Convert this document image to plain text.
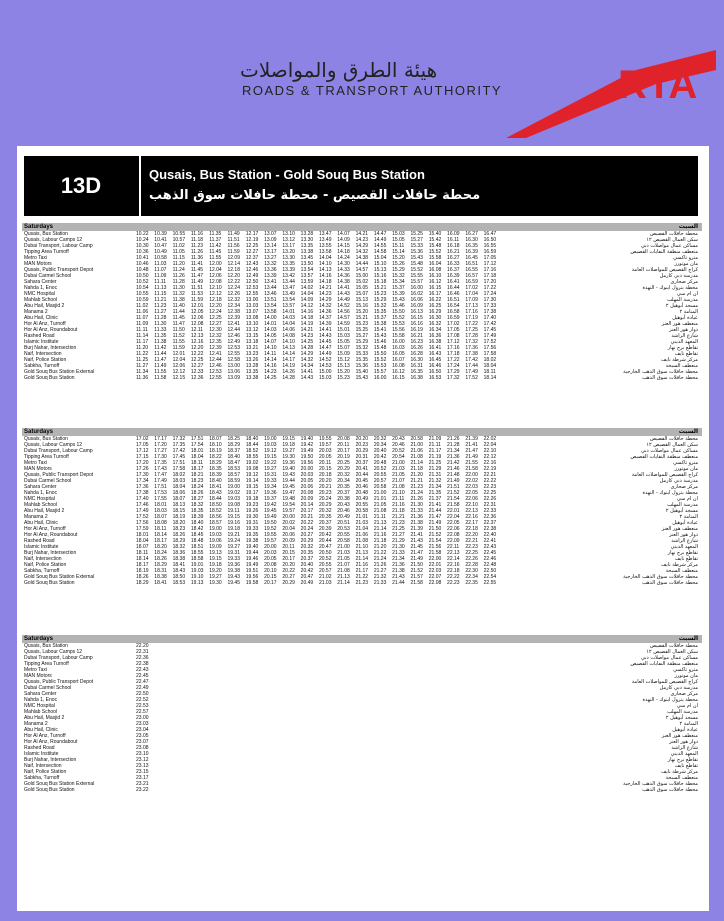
هيئة الطرق والمواصلات
ROADS & TRANSPORT AUTHORITY	RTA
13D	Qusais, Bus Station - Gold Souq Bus Station
محطة حافلات القصيص - محطة حافلات سوق الذهب
Saturdays	السبت
Qusais, Bus Station	10.22	10.39	10.55	11.16	11.35	11.49	12.17	13.07	13.10	13.28	13.47	14.07	14.21	14.47	15.03	15.25	15.40	16.09	16.27	16.47	محطة حافلات القصيص
Qusais, Labour Camps 12	10.24	10.41	10.57	11.18	11.37	11.51	12.19	13.09	13.12	13.30	13.49	14.09	14.23	14.49	15.05	15.27	15.42	16.11	16.30	16.50	سكن العمال القصيص ١٢
Dubai Transport, Labour Camp	10.30	10.47	11.02	11.23	11.42	11.56	12.25	13.14	13.17	13.35	13.55	14.15	14.29	14.55	15.11	15.33	15.48	16.18	16.35	16.55	مساكن عمال مواصلات دبي
Tipping Area Turnoff	10.36	10.49	11.05	11.26	11.45	11.59	12.27	13.17	13.20	13.38	13.58	14.18	14.32	14.58	15.14	15.36	15.52	16.21	16.39	16.59	منعطف منطقة النفايات القصيص
Metro Taxi	10.41	10.58	11.15	11.36	11.55	12.09	12.37	13.27	13.30	13.45	14.04	14.24	14.38	15.04	15.20	15.43	15.58	16.27	16.45	17.05	مترو تاكسي
MAN Motors	10.46	11.03	11.20	11.41	12.00	12.14	12.43	13.32	13.35	13.50	14.10	14.30	14.44	15.10	15.26	15.48	16.04	16.33	16.51	17.12	مان موتورز
Qusais, Public Transport Depot	10.48	11.07	11.24	11.45	12.04	12.18	12.46	13.36	13.39	13.54	14.13	14.33	14.57	15.13	15.29	15.52	16.08	16.37	16.55	17.16	كراج القصيص للمواصلات العامة
Dubai Carmel School	10.50	11.09	11.26	11.47	12.06	12.20	12.49	13.39	13.42	13.57	14.16	14.36	15.00	15.16	15.32	15.55	16.10	16.39	16.57	17.18	مدرسة دبي كارمل
Sahara Center	10.52	11.11	11.28	11.49	12.08	12.22	12.50	13.41	13.44	13.59	14.18	14.38	15.02	15.18	15.34	15.57	16.12	16.41	16.59	17.20	مركز صحارى
Nahda 1, Enoc	10.54	11.13	11.30	11.51	12.10	12.24	12.53	13.44	13.47	14.02	14.21	14.41	15.05	15.21	15.37	16.00	16.15	16.44	17.02	17.22	محطة بترول اينوك - النهدة
NMC Hospital	10.55	11.15	11.32	11.53	12.12	12.26	12.55	13.46	13.49	14.04	14.23	14.43	15.07	15.23	15.39	16.02	16.17	16.46	17.04	17.24	ان ام سي
Mahlab School	10.59	11.21	11.38	11.59	12.18	12.32	13.00	13.51	13.54	14.09	14.29	14.49	15.13	15.29	15.43	16.06	16.22	16.51	17.09	17.30	مدرسة المهلب
Abu Hail, Masjid 2	11.02	11.23	11.40	12.01	12.20	12.34	13.03	13.54	13.57	14.12	14.32	14.52	15.16	15.32	15.46	16.09	16.25	16.54	17.13	17.33	مسجد أبوهيل ٢
Manama 2	11.06	11.27	11.44	12.05	12.24	12.38	13.07	13.58	14.01	14.16	14.36	14.56	15.20	15.35	15.50	16.13	16.29	16.58	17.16	17.38	المنامة ٢
Abu Hail, Clinic	11.07	11.28	11.45	12.06	12.25	12.39	13.08	14.00	14.03	14.18	14.37	14.57	15.21	15.37	15.52	16.15	16.30	16.59	17.19	17.40	عيادة أبوهيل
Hor Al Anz, Turnoff	11.09	11.30	11.47	12.08	12.27	12.41	13.10	14.01	14.04	14.19	14.39	14.59	15.23	15.38	15.53	16.16	16.32	17.02	17.22	17.42	منعطف هور العنز
Hor Al Anz, Roundabout	11.11	11.33	11.50	12.11	12.30	12.44	13.12	14.03	14.06	14.21	14.41	15.01	15.25	15.41	15.56	16.19	16.34	17.05	17.25	17.45	دوار هور العنز
Rashed Road	11.14	11.35	11.52	12.13	12.32	12.46	13.15	14.05	14.08	14.23	14.43	15.03	15.27	15.43	15.58	16.21	16.36	17.08	17.28	17.49	شارع الراشد
Islamic Institute	11.17	11.38	11.55	12.16	12.35	12.49	13.18	14.07	14.10	14.25	14.45	15.05	15.29	15.46	16.00	16.23	16.38	17.12	17.32	17.52	المعهد الديني
Burj Nahar, Intersection	11.20	11.42	11.59	12.20	12.39	12.53	13.21	14.10	14.13	14.28	14.47	15.07	15.32	15.48	16.03	16.26	16.41	17.16	17.36	17.56	تقاطع برج نهار
Naif, Intersection	11.22	11.44	12.01	12.22	12.41	12.55	13.23	14.11	14.14	14.29	14.49	15.09	15.33	15.50	16.05	16.28	16.43	17.18	17.38	17.58	تقاطع نايف
Naif, Police Station	11.25	11.47	12.04	12.25	12.44	12.58	13.26	14.14	14.17	14.32	14.52	15.12	15.35	15.52	16.07	16.30	16.45	17.22	17.42	18.02	مركز شرطة نايف
Sabkha, Turnoff	11.27	11.49	12.06	12.27	12.46	13.00	13.28	14.16	14.19	14.34	14.53	15.13	15.36	15.53	16.08	16.31	16.46	17.24	17.44	18.04	منعطف السبخة
Gold Souq Bus Station External	11.34	11.55	12.12	12.33	12.53	13.06	13.35	14.23	14.26	14.41	15.00	15.20	15.40	15.57	16.12	16.35	16.50	17.29	17.49	18.11	محطة حافلات سوق الذهب الخارجية
Gold Souq Bus Station	11.36	11.58	12.15	12.36	12.55	13.09	13.38	14.25	14.28	14.43	15.03	15.23	15.43	16.00	16.15	16.38	16.53	17.32	17.52	18.14	محطة حافلات سوق الذهب
Saturdays	السبت
Qusais, Bus Station	17.02	17.17	17.32	17.51	18.07	18.25	18.40	19.00	19.15	19.40	19.55	20.08	20.20	20.32	20.43	20.58	21.09	21.26	21.39	22.02	محطة حافلات القصيص
Qusais, Labour Camps 12	17.05	17.20	17.35	17.54	18.10	18.29	18.44	19.03	19.18	19.42	19.57	20.11	20.23	20.34	20.46	21.00	21.11	21.28	21.41	22.04	سكن العمال القصيص ١٢
Dubai Transport, Labour Camp	17.12	17.27	17.42	18.01	18.19	18.37	18.52	19.12	19.27	19.49	20.03	20.17	20.29	20.40	20.52	21.06	21.17	21.34	21.47	22.10	مساكن عمال مواصلات دبي
Tipping Area Turnoff	17.15	17.30	17.45	18.04	18.22	18.40	18.55	19.15	19.30	19.50	20.05	20.19	20.31	20.42	20.54	21.08	21.19	21.36	21.49	22.12	منعطف منطقة النفايات القصيص
Metro Taxi	17.20	17.35	17.51	18.11	18.29	18.47	19.02	19.22	19.36	19.56	20.11	20.25	20.37	20.48	21.00	21.14	21.25	21.42	21.55	22.16	مترو تاكسي
MAN Motors	17.26	17.43	17.58	18.17	18.35	18.53	19.08	19.27	19.40	20.00	20.15	20.29	20.41	20.52	21.03	21.18	21.29	21.46	21.58	22.19	مان موتورز
Qusais, Public Transport Depot	17.30	17.47	18.02	18.21	18.39	18.57	19.12	19.31	19.43	20.03	20.18	20.32	20.44	20.55	21.05	21.20	21.31	21.48	22.00	22.21	كراج القصيص للمواصلات العامة
Dubai Carmel School	17.34	17.49	18.03	18.23	18.40	18.59	19.14	19.33	19.44	20.05	20.20	20.34	20.45	20.57	21.07	21.21	21.32	21.49	22.02	22.22	مدرسة دبي كارمل
Sahara Center	17.36	17.51	18.04	18.24	18.41	19.00	19.15	19.34	19.45	20.06	20.21	20.35	20.46	20.58	21.08	21.23	21.34	21.51	22.03	22.23	مركز صحارى
Nahda 1, Enoc	17.38	17.53	18.06	18.26	18.43	19.02	19.17	19.36	19.47	20.08	20.23	20.37	20.48	21.00	21.10	21.24	21.35	21.52	22.05	22.25	محطة بترول اينوك - النهدة
NMC Hospital	17.40	17.55	18.07	18.27	18.44	19.03	19.18	19.37	19.48	20.09	20.24	20.38	20.49	21.01	21.11	21.26	21.37	21.54	22.06	22.26	ان ام سي
Mahlab School	17.46	18.01	18.13	18.32	18.50	19.08	19.23	19.42	19.54	20.14	20.29	20.43	20.55	21.05	21.16	21.30	21.41	21.58	22.10	22.31	مدرسة المهلب
Abu Hail, Masjid 2	17.49	18.03	18.15	18.35	18.52	19.11	19.26	19.45	19.57	20.17	20.32	20.46	20.58	21.08	21.18	21.33	21.44	22.01	22.13	22.33	مسجد أبوهيل ٢
Manama 2	17.52	18.07	18.19	18.39	18.56	19.15	19.30	19.49	20.00	20.21	20.35	20.49	21.01	21.11	21.21	21.36	21.47	22.04	22.16	22.36	المنامة ٢
Abu Hail, Clinic	17.56	18.08	18.20	18.40	18.57	19.16	19.31	19.50	20.02	20.22	20.37	20.51	21.03	21.13	21.23	21.38	21.49	22.05	22.17	22.37	عيادة أبوهيل
Hor Al Anz, Turnoff	17.59	18.11	18.23	18.42	19.00	19.18	19.33	19.52	20.04	20.24	20.39	20.53	21.04	21.14	21.25	21.39	21.50	22.06	22.18	22.38	منعطف هور العنز
Hor Al Anz, Roundabout	18.01	18.14	18.26	18.45	19.03	19.21	19.35	19.55	20.06	20.27	20.42	20.55	21.06	21.16	21.27	21.41	21.52	22.08	22.20	22.40	دوار هور العنز
Rashed Road	18.04	18.17	18.29	18.48	19.06	19.24	19.38	19.57	20.09	20.29	20.44	20.58	21.08	21.18	21.29	21.43	21.54	22.09	22.21	22.41	شارع الراشد
Islamic Institute	18.07	18.20	18.32	18.51	19.09	19.27	19.40	20.00	20.11	20.32	20.47	21.00	21.10	21.20	21.30	21.45	21.56	22.11	22.23	22.43	المعهد الديني
Burj Nahar, Intersection	18.11	18.24	18.36	18.55	19.13	19.31	19.44	20.03	20.15	20.35	20.50	21.03	21.13	21.22	21.33	21.47	21.58	22.13	22.25	22.45	تقاطع برج نهار
Naif, Intersection	18.14	18.26	18.38	18.58	19.15	19.33	19.46	20.05	20.17	20.37	20.52	21.05	21.14	21.24	21.34	21.49	22.00	22.14	22.26	22.46	تقاطع نايف
Naif, Police Station	18.17	18.29	18.41	19.01	19.18	19.36	19.49	20.08	20.20	20.40	20.55	21.07	21.16	21.26	21.36	21.50	22.01	22.16	22.28	22.48	مركز شرطة نايف
Sabkha, Turnoff	18.19	18.31	18.43	19.03	19.20	19.38	19.51	20.10	20.22	20.42	20.57	21.08	21.17	21.27	21.38	21.52	22.03	22.18	22.30	22.50	منعطف السبخة
Gold Souq Bus Station External	18.26	18.38	18.50	19.10	19.27	19.43	19.56	20.15	20.27	20.47	21.02	21.13	21.22	21.32	21.43	21.57	22.07	22.22	22.34	22.54	محطة حافلات سوق الذهب الخارجية
Gold Souq Bus Station	18.29	18.41	18.53	19.13	19.30	19.45	19.58	20.17	20.29	20.49	21.03	21.14	21.23	21.33	21.44	21.58	22.08	22.23	22.35	22.55	محطة حافلات سوق الذهب
Saturdays	السبت
Qusais, Bus Station	22.20	محطة حافلات القصيص
Qusais, Labour Camps 12	22.31	سكن العمال القصيص ١٢
Dubai Transport, Labour Camp	22.36	مساكن عمال مواصلات دبي
Tipping Area Turnoff	22.38	منعطف منطقة النفايات القصيص
Metro Taxi	22.43	مترو تاكسي
MAN Motors	22.45	مان موتورز
Qusais, Public Transport Depot	22.47	كراج القصيص للمواصلات العامة
Dubai Carmel School	22.49	مدرسة دبي كارمل
Sahara Center	22.50	مركز صحارى
Nahda 1, Enoc	22.52	محطة بترول اينوك - النهدة
NMC Hospital	22.53	ان ام سي
Mahlab School	22.57	مدرسة المهلب
Abu Hail, Masjid 2	23.00	مسجد أبوهيل ٢
Manama 2	23.03	المنامة ٢
Abu Hail, Clinic	23.04	عيادة أبوهيل
Hor Al Anz, Turnoff	23.05	منعطف هور العنز
Hor Al Anz, Roundabout	23.07	دوار هور العنز
Rashed Road	23.08	شارع الراشد
Islamic Institute	23.10	المعهد الديني
Burj Nahar, Intersection	23.12	تقاطع برج نهار
Naif, Intersection	23.13	تقاطع نايف
Naif, Police Station	23.15	مركز شرطة نايف
Sabkha, Turnoff	23.17	منعطف السبخة
Gold Souq Bus Station External	23.21	محطة حافلات سوق الذهب الخارجية
Gold Souq Bus Station	23.22	محطة حافلات سوق الذهب
